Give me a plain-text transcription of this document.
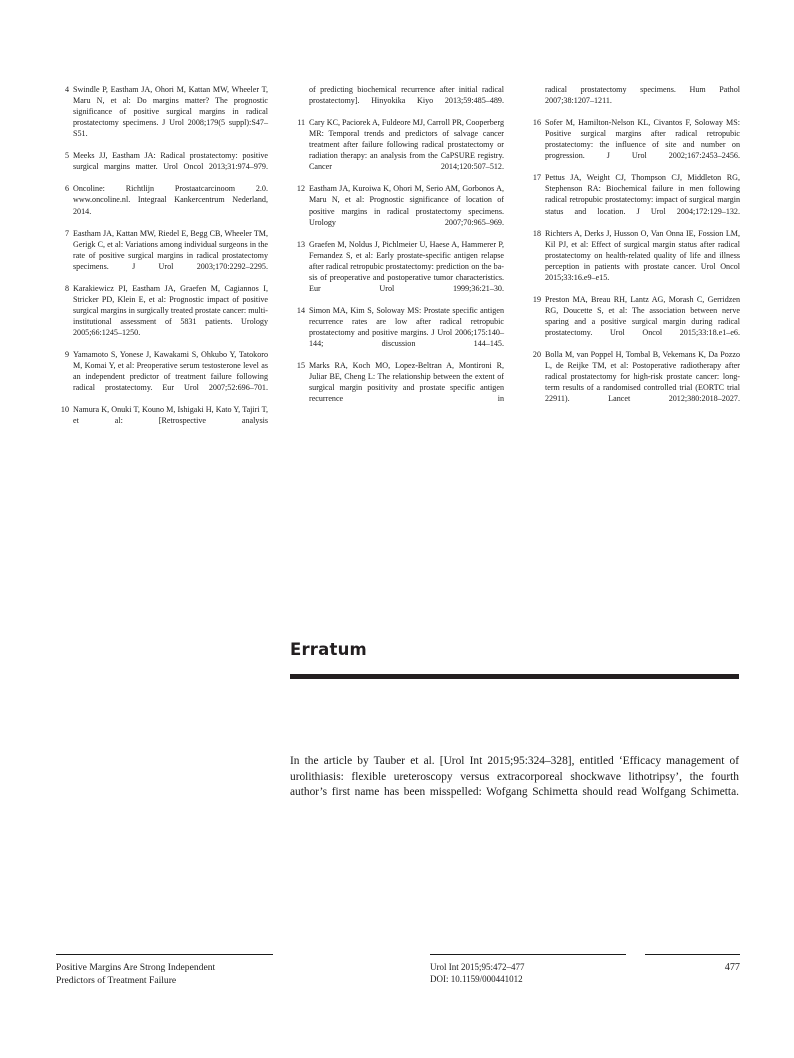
4 Swindle P, Eastham JA, Ohori M, Kattan MW, Wheeler T, Maru N, et al: Do margins matter? The prognostic significance of positive surgical margins in radical prostatectomy specimens. J Urol 2008;179(5 suppl):S47–S51.
5 Meeks JJ, Eastham JA: Radical prostatectomy: positive surgical margins matter. Urol Oncol 2013;31:974–979.
6 Oncoline: Richtlijn Prostaatcarcinoom 2.0. www.oncoline.nl. Integraal Kankercentrum Nederland, 2014.
7 Eastham JA, Kattan MW, Riedel E, Begg CB, Wheeler TM, Gerigk C, et al: Variations among individual surgeons in the rate of positive surgical margins in radical prostatectomy specimens. J Urol 2003;170:2292–2295.
8 Karakiewicz PI, Eastham JA, Graefen M, Cagiannos I, Stricker PD, Klein E, et al: Prognostic impact of positive surgical margins in surgically treated prostate cancer: multi-institutional assessment of 5831 patients. Urology 2005;66:1245–1250.
9 Yamamoto S, Yonese J, Kawakami S, Ohkubo Y, Tatokoro M, Komai Y, et al: Preoperative serum testosterone level as an independent predictor of treatment failure following radical prostatectomy. Eur Urol 2007;52:696–701.
10 Namura K, Onuki T, Kouno M, Ishigaki H, Kato Y, Tajiri T, et al: [Retrospective analysis

of predicting biochemical recurrence after initial radical prostatectomy]. Hinyokika Kiyo 2013;59:485–489.

11 Cary KC, Paciorek A, Fuldeore MJ, Carroll PR, Cooperberg MR: Temporal trends and predictors of salvage cancer treatment after failure following radical prostatectomy or radiation therapy: an analysis from the CaPSURE registry. Cancer 2014;120:507–512.
12 Eastham JA, Kuroiwa K, Ohori M, Serio AM, Gorbonos A, Maru N, et al: Prognostic significance of location of positive margins in radical prostatectomy specimens. Urology 2007;70:965–969.
13 Graefen M, Noldus J, Pichlmeier U, Haese A, Hammerer P, Fernandez S, et al: Early prostate-specific antigen relapse after radical retropubic prostatectomy: prediction on the basis of preoperative and postoperative tumor characteristics. Eur Urol 1999;36:21–30.
14 Simon MA, Kim S, Soloway MS: Prostate specific antigen recurrence rates are low after radical retropubic prostatectomy and positive margins. J Urol 2006;175:140–144; discussion 144–145.
15 Marks RA, Koch MO, Lopez-Beltran A, Montironi R, Juliar BE, Cheng L: The relationship between the extent of surgical margin positivity and prostate specific antigen recurrence in

radical prostatectomy specimens. Hum Pathol 2007;38:1207–1211.

16 Sofer M, Hamilton-Nelson KL, Civantos F, Soloway MS: Positive surgical margins after radical retropubic prostatectomy: the influence of site and number on progression. J Urol 2002;167:2453–2456.
17 Pettus JA, Weight CJ, Thompson CJ, Middleton RG, Stephenson RA: Biochemical failure in men following radical retropubic prostatectomy: impact of surgical margin status and location. J Urol 2004;172:129–132.
18 Richters A, Derks J, Husson O, Van Onna IE, Fossion LM, Kil PJ, et al: Effect of surgical margin status after radical prostatectomy on health-related quality of life and illness perception in patients with prostate cancer. Urol Oncol 2015;33:16.e9–e15.
19 Preston MA, Breau RH, Lantz AG, Morash C, Gerridzen RG, Doucette S, et al: The association between nerve sparing and a positive surgical margin during radical prostatectomy. Urol Oncol 2015;33:18.e1–e6.
20 Bolla M, van Poppel H, Tombal B, Vekemans K, Da Pozzo L, de Reijke TM, et al: Postoperative radiotherapy after radical prostatectomy for high-risk prostate cancer: long-term results of a randomised controlled trial (EORTC trial 22911). Lancet 2012;380:2018–2027.
Erratum

In the article by Tauber et al. [Urol Int 2015;95:324–328], entitled ‘Efficacy management of urolithiasis: flexible ureteroscopy versus extracorporeal shockwave lithotripsy’, the fourth author’s first name has been misspelled: Wofgang Schimetta should read Wolfgang Schimetta.

Positive Margins Are Strong Independent

Predictors of Treatment Failure

Urol Int 2015;95:472–477

DOI: 10.1159/000441012

477
